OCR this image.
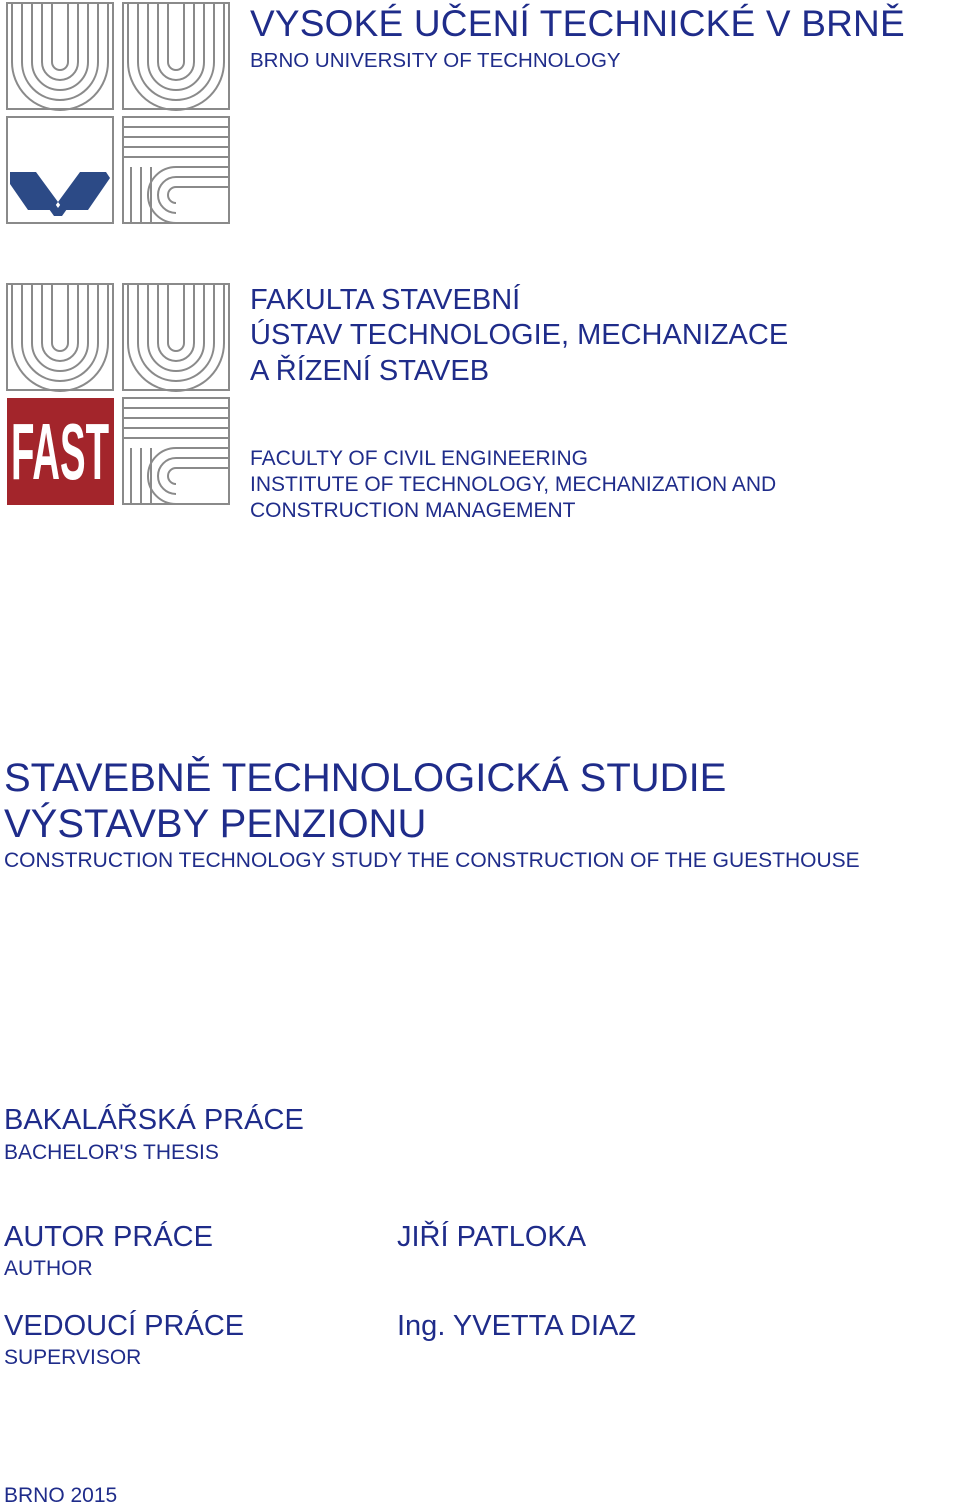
VYSOKÉ UČENÍ TECHNICKÉ V BRNĚ
BRNO UNIVERSITY OF TECHNOLOGY
FAST
FAKULTA STAVEBNÍ
ÚSTAV TECHNOLOGIE, MECHANIZACE
A ŘÍZENÍ STAVEB
FACULTY OF CIVIL ENGINEERING
INSTITUTE OF TECHNOLOGY, MECHANIZATION AND
CONSTRUCTION MANAGEMENT
STAVEBNĚ TECHNOLOGICKÁ STUDIE
VÝSTAVBY PENZIONU
CONSTRUCTION TECHNOLOGY STUDY THE CONSTRUCTION OF THE GUESTHOUSE
BAKALÁŘSKÁ PRÁCE
BACHELOR'S THESIS
AUTOR PRÁCE
AUTHOR
JIŘÍ PATLOKA
VEDOUCÍ PRÁCE
SUPERVISOR
Ing. YVETTA DIAZ
BRNO 2015
